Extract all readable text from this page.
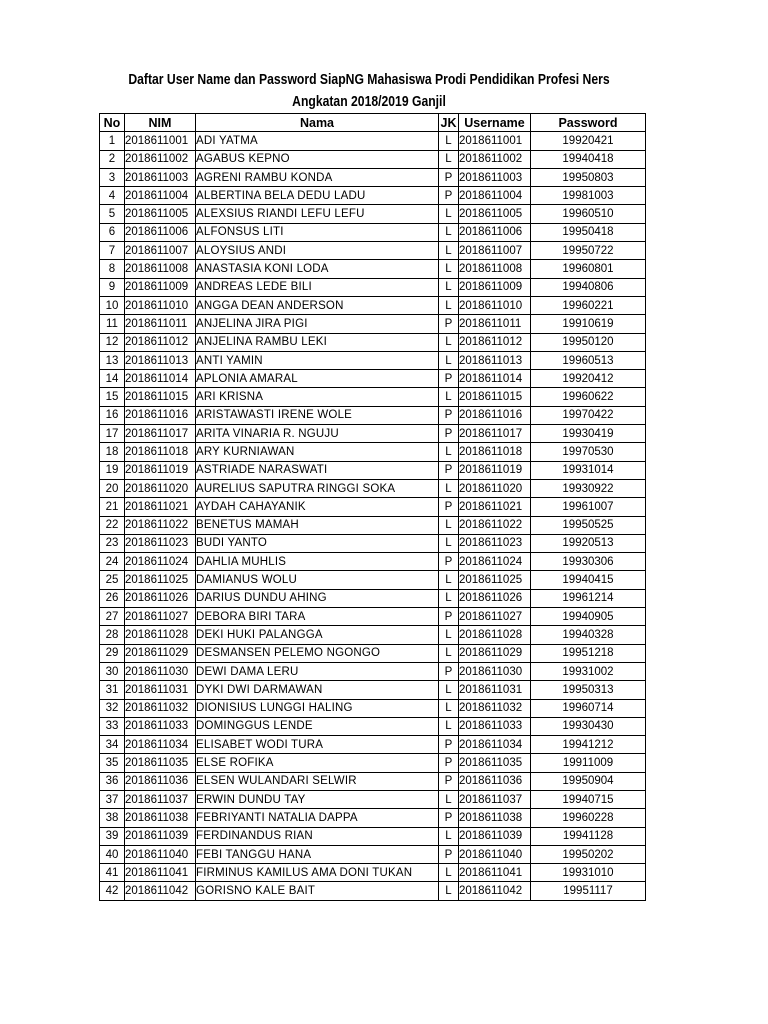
Daftar User Name dan Password SiapNG Mahasiswa Prodi Pendidikan Profesi Ners
Angkatan 2018/2019 Ganjil
No	NIM	Nama	JK	Username	Password
1	2018611001	ADI YATMA	L	2018611001	19920421
2	2018611002	AGABUS KEPNO	L	2018611002	19940418
3	2018611003	AGRENI RAMBU KONDA	P	2018611003	19950803
4	2018611004	ALBERTINA BELA DEDU LADU	P	2018611004	19981003
5	2018611005	ALEXSIUS RIANDI LEFU LEFU	L	2018611005	19960510
6	2018611006	ALFONSUS LITI	L	2018611006	19950418
7	2018611007	ALOYSIUS ANDI	L	2018611007	19950722
8	2018611008	ANASTASIA KONI LODA	L	2018611008	19960801
9	2018611009	ANDREAS LEDE BILI	L	2018611009	19940806
10	2018611010	ANGGA DEAN ANDERSON	L	2018611010	19960221
11	2018611011	ANJELINA JIRA PIGI	P	2018611011	19910619
12	2018611012	ANJELINA RAMBU LEKI	L	2018611012	19950120
13	2018611013	ANTI YAMIN	L	2018611013	19960513
14	2018611014	APLONIA AMARAL	P	2018611014	19920412
15	2018611015	ARI KRISNA	L	2018611015	19960622
16	2018611016	ARISTAWASTI IRENE WOLE	P	2018611016	19970422
17	2018611017	ARITA VINARIA R. NGUJU	P	2018611017	19930419
18	2018611018	ARY KURNIAWAN	L	2018611018	19970530
19	2018611019	ASTRIADE NARASWATI	P	2018611019	19931014
20	2018611020	AURELIUS SAPUTRA RINGGI SOKA	L	2018611020	19930922
21	2018611021	AYDAH CAHAYANIK	P	2018611021	19961007
22	2018611022	BENETUS MAMAH	L	2018611022	19950525
23	2018611023	BUDI YANTO	L	2018611023	19920513
24	2018611024	DAHLIA MUHLIS	P	2018611024	19930306
25	2018611025	DAMIANUS WOLU	L	2018611025	19940415
26	2018611026	DARIUS DUNDU AHING	L	2018611026	19961214
27	2018611027	DEBORA BIRI TARA	P	2018611027	19940905
28	2018611028	DEKI HUKI PALANGGA	L	2018611028	19940328
29	2018611029	DESMANSEN PELEMO NGONGO	L	2018611029	19951218
30	2018611030	DEWI DAMA LERU	P	2018611030	19931002
31	2018611031	DYKI DWI DARMAWAN	L	2018611031	19950313
32	2018611032	DIONISIUS LUNGGI HALING	L	2018611032	19960714
33	2018611033	DOMINGGUS LENDE	L	2018611033	19930430
34	2018611034	ELISABET WODI TURA	P	2018611034	19941212
35	2018611035	ELSE ROFIKA	P	2018611035	19911009
36	2018611036	ELSEN WULANDARI SELWIR	P	2018611036	19950904
37	2018611037	ERWIN DUNDU TAY	L	2018611037	19940715
38	2018611038	FEBRIYANTI NATALIA DAPPA	P	2018611038	19960228
39	2018611039	FERDINANDUS RIAN	L	2018611039	19941128
40	2018611040	FEBI TANGGU HANA	P	2018611040	19950202
41	2018611041	FIRMINUS KAMILUS AMA DONI TUKAN	L	2018611041	19931010
42	2018611042	GORISNO KALE BAIT	L	2018611042	19951117
